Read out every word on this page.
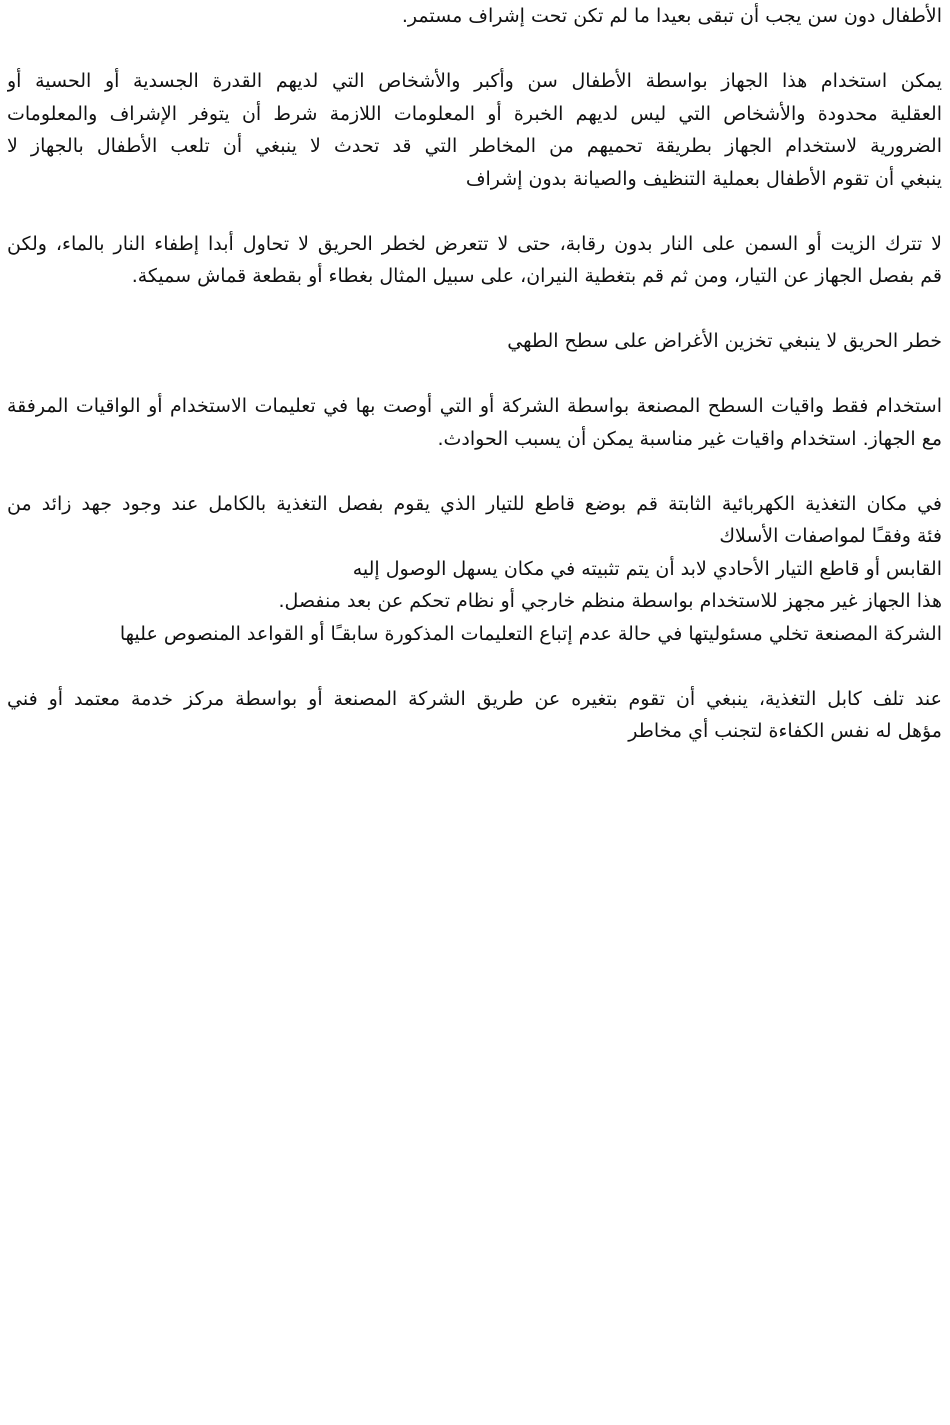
الأطفال دون سن يجب أن تبقى بعيدا ما لم تكن تحت إشراف مستمر.
يمكن استخدام هذا الجهاز بواسطة الأطفال سن وأكبر والأشخاص التي لديهم القدرة الجسدية أو الحسية أو
العقلية محدودة والأشخاص التي ليس لديهم الخبرة أو المعلومات اللازمة شرط أن يتوفر الإشراف والمعلومات
الضرورية لاستخدام الجهاز بطريقة تحميهم من المخاطر التي قد تحدث لا ينبغي أن تلعب الأطفال بالجهاز لا
ينبغي أن تقوم الأطفال بعملية التنظيف والصيانة بدون إشراف
لا تترك الزيت أو السمن على النار بدون رقابة، حتى لا تتعرض لخطر الحريق لا تحاول أبدا إطفاء النار بالماء، ولكن
قم بفصل الجهاز عن التيار، ومن ثم قم بتغطية النيران، على سبيل المثال بغطاء أو بقطعة قماش سميكة.
خطر الحريق لا ينبغي تخزين الأغراض على سطح الطهي
استخدام فقط واقيات السطح المصنعة بواسطة الشركة أو التي أوصت بها في تعليمات الاستخدام أو الواقيات المرفقة
مع الجهاز. استخدام واقيات غير مناسبة يمكن أن يسبب الحوادث.
في مكان التغذية الكهربائية الثابتة قم بوضع قاطع للتيار الذي يقوم بفصل التغذية بالكامل عند وجود جهد زائد من
فئة وفقـًا لمواصفات الأسلاك
القابس أو قاطع التيار الأحادي لابد أن يتم تثبيته في مكان يسهل الوصول إليه
هذا الجهاز غير مجهز للاستخدام بواسطة منظم خارجي أو نظام تحكم عن بعد منفصل.
الشركة المصنعة تخلي مسئوليتها في حالة عدم إتباع التعليمات المذكورة سابقـًا أو القواعد المنصوص عليها
عند تلف كابل التغذية، ينبغي أن تقوم بتغيره عن طريق الشركة المصنعة أو بواسطة مركز خدمة معتمد أو فني
مؤهل له نفس الكفاءة لتجنب أي مخاطر
